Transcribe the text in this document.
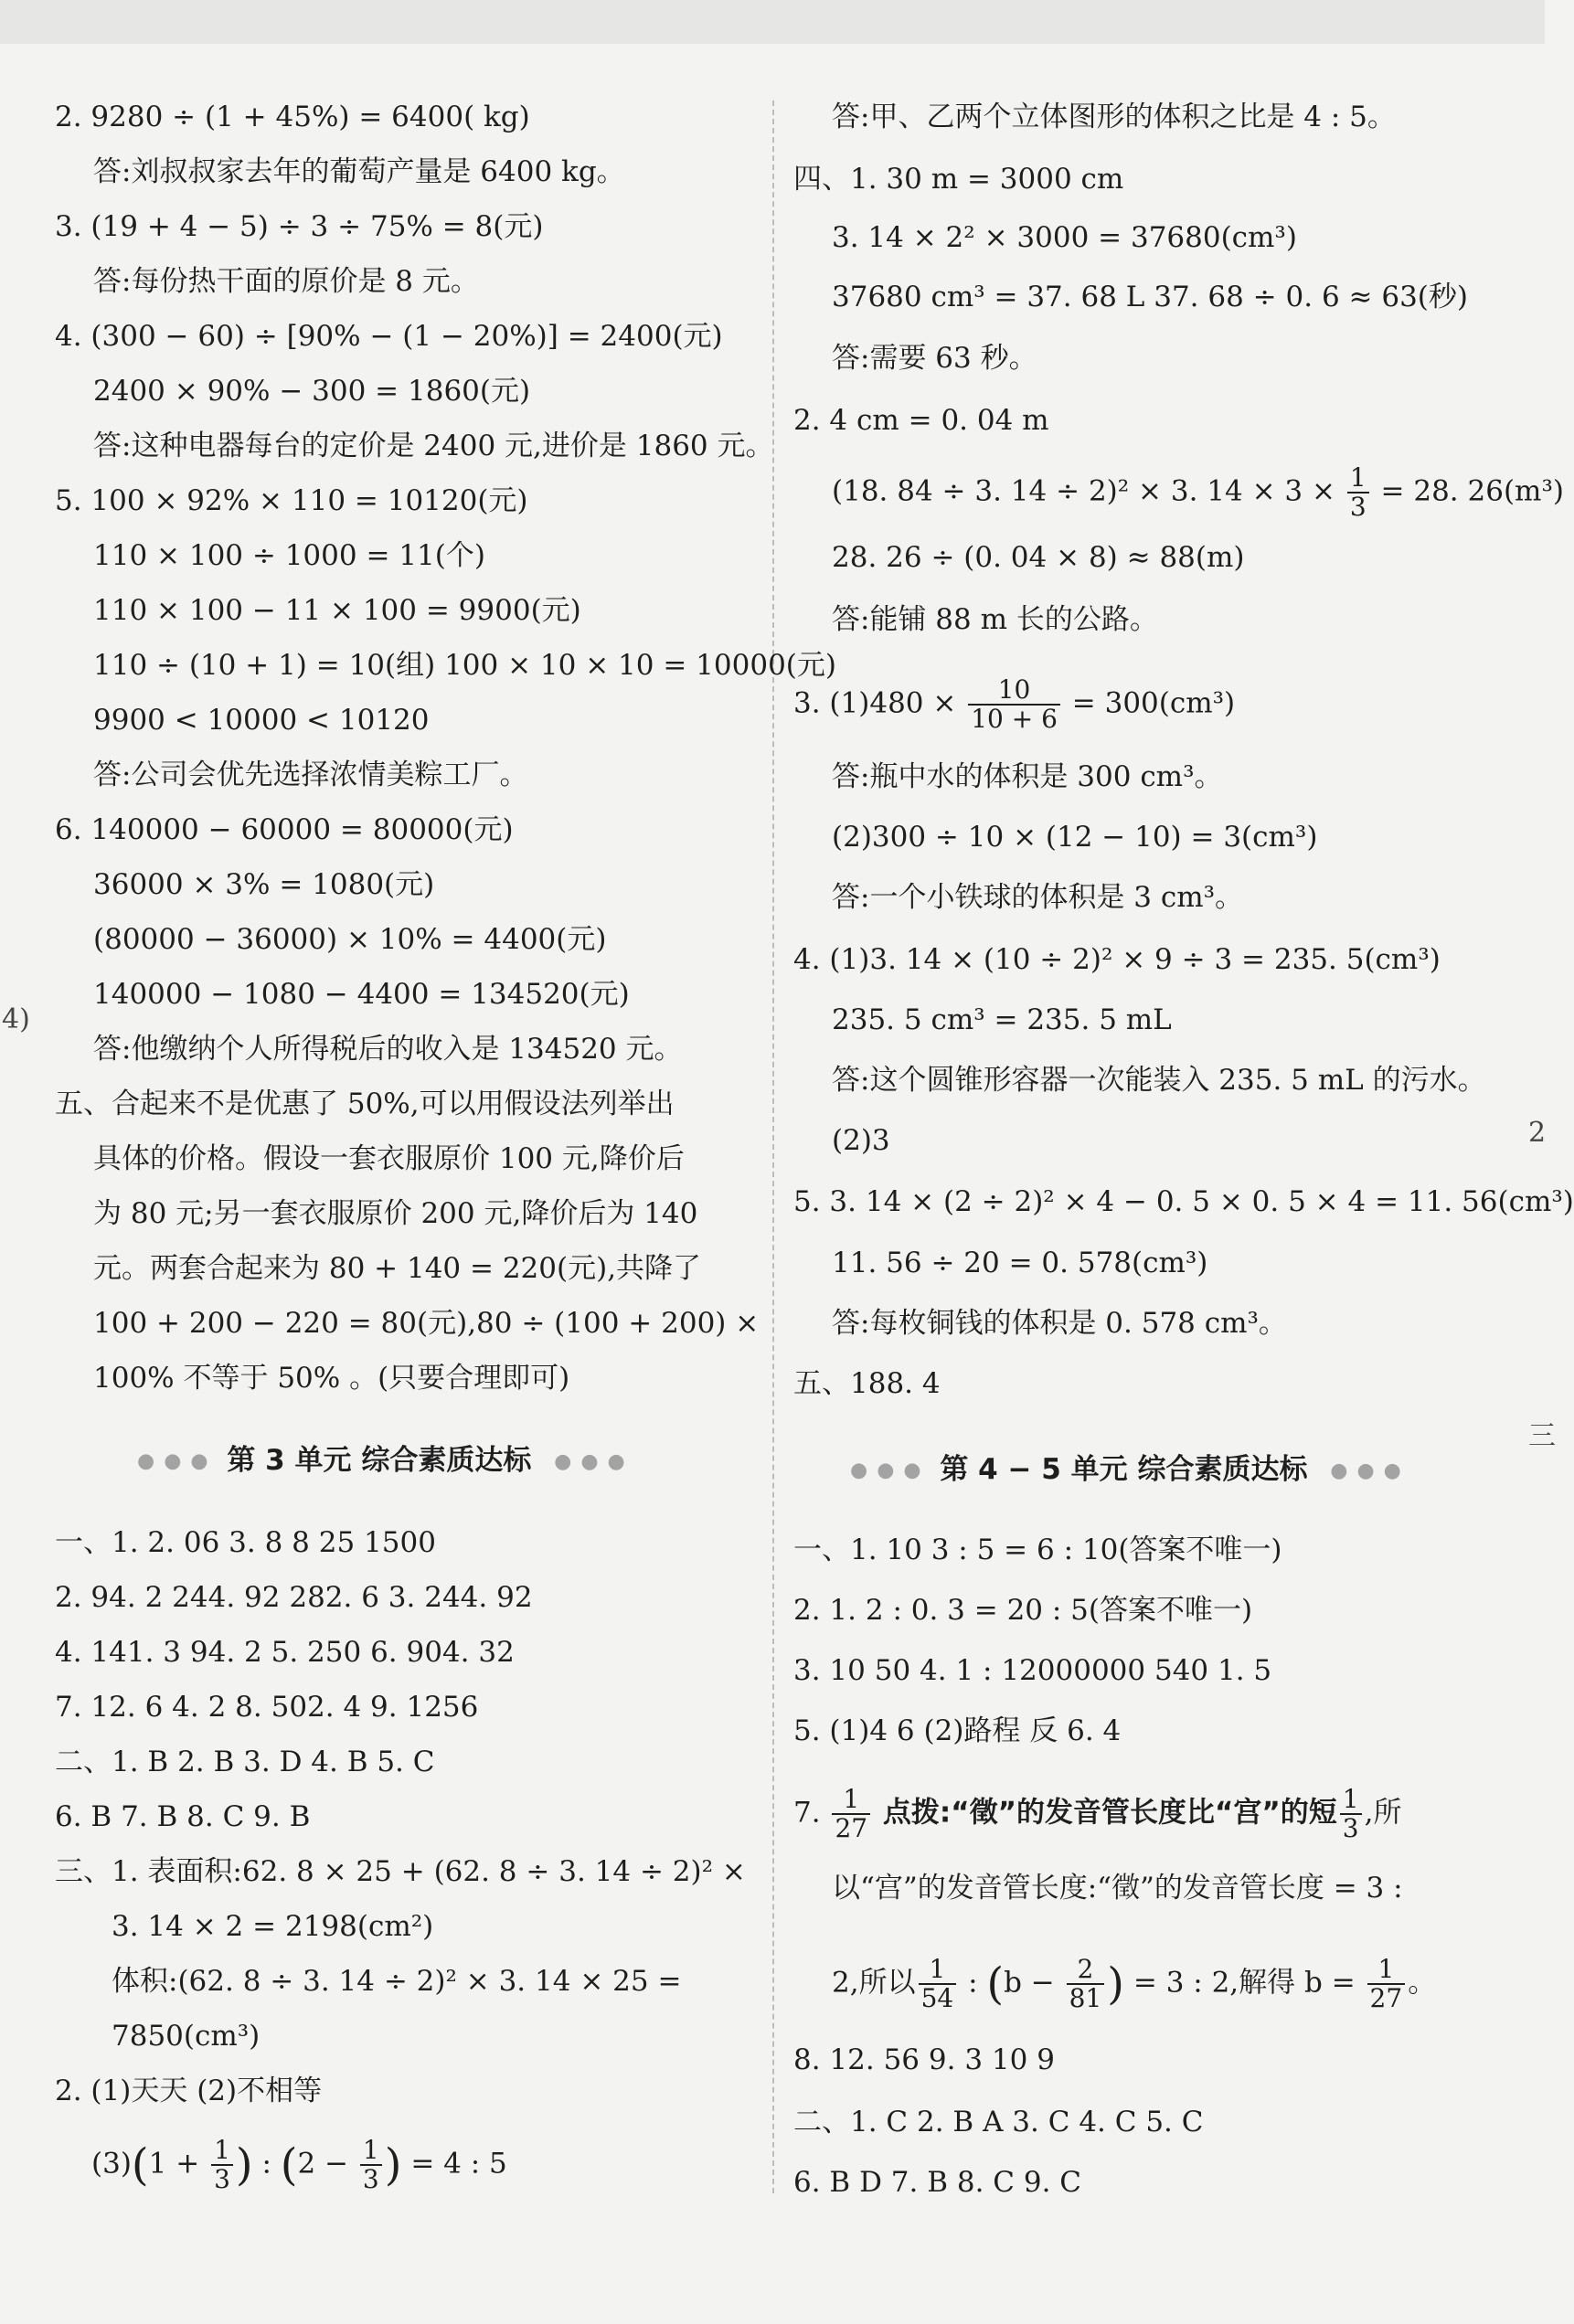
2. 9280 ÷ (1 + 45%) = 6400( kg)
答:刘叔叔家去年的葡萄产量是 6400 kg。
3. (19 + 4 − 5) ÷ 3 ÷ 75% = 8(元)
答:每份热干面的原价是 8 元。
4. (300 − 60) ÷ [90% − (1 − 20%)] = 2400(元)
2400 × 90% − 300 = 1860(元)
答:这种电器每台的定价是 2400 元,进价是 1860 元。
5. 100 × 92% × 110 = 10120(元)
110 × 100 ÷ 1000 = 11(个)
110 × 100 − 11 × 100 = 9900(元)
110 ÷ (10 + 1) = 10(组) 100 × 10 × 10 = 10000(元)
9900 < 10000 < 10120
答:公司会优先选择浓情美粽工厂。
6. 140000 − 60000 = 80000(元)
36000 × 3% = 1080(元)
(80000 − 36000) × 10% = 4400(元)
140000 − 1080 − 4400 = 134520(元)
答:他缴纳个人所得税后的收入是 134520 元。
五、合起来不是优惠了 50%,可以用假设法列举出
具体的价格。假设一套衣服原价 100 元,降价后
为 80 元;另一套衣服原价 200 元,降价后为 140
元。两套合起来为 80 + 140 = 220(元),共降了
100 + 200 − 220 = 80(元),80 ÷ (100 + 200) ×
100% 不等于 50% 。(只要合理即可)
●●● 第 3 单元 综合素质达标 ●●●
一、1. 2. 06 3. 8 8 25 1500
2. 94. 2 244. 92 282. 6 3. 244. 92
4. 141. 3 94. 2 5. 250 6. 904. 32
7. 12. 6 4. 2 8. 502. 4 9. 1256
二、1. B 2. B 3. D 4. B 5. C
6. B 7. B 8. C 9. B
三、1. 表面积:62. 8 × 25 + (62. 8 ÷ 3. 14 ÷ 2)² ×
3. 14 × 2 = 2198(cm²)
体积:(62. 8 ÷ 3. 14 ÷ 2)² × 3. 14 × 25 =
7850(cm³)
2. (1)天天 (2)不相等
$(3)(1 + \frac{1}{3}$ ) : ($2 - \frac{1}{3}$ ) = 4 : 5
答:甲、乙两个立体图形的体积之比是 4 : 5。
四、1. 30 m = 3000 cm
3. 14 × 2² × 3000 = 37680(cm³)
37680 cm³ = 37. 68 L 37. 68 ÷ 0. 6 ≈ 63(秒)
答:需要 63 秒。
2. 4 cm = 0. 04 m
(18. 84 ÷ 3. 14 ÷ 2)² × 3. $14 \times 3 \times \frac{1}{3} = 28$. 26(m³)
28. 26 ÷ (0. 04 × 8) ≈ 88(m)
答:能铺 88 m 长的公路。
3. $(1)480 \times \frac{10}{10 + 6} = 300(cm^3)$
答:瓶中水的体积是 300 cm³。
(2)300 ÷ 10 × (12 − 10) = 3(cm³)
答:一个小铁球的体积是 3 cm³。
4. (1)3. 14 × (10 ÷ 2)² × 9 ÷ 3 = 235. 5(cm³)
235. 5 cm³ = 235. 5 mL
答:这个圆锥形容器一次能装入 235. 5 mL 的污水。
(2)3
5. 3. 14 × (2 ÷ 2)² × 4 − 0. 5 × 0. 5 × 4 = 11. 56(cm³)
11. 56 ÷ 20 = 0. 578(cm³)
答:每枚铜钱的体积是 0. 578 cm³。
五、188. 4
●●● 第 4 − 5 单元 综合素质达标 ●●●
一、1. 10 3 : 5 = 6 : 10(答案不唯一)
2. 1. 2 : 0. 3 = 20 : 5(答案不唯一)
3. 10 50 4. 1 : 12000000 540 1. 5
5. (1)4 6 (2)路程 反 6. 4
7. $\frac{1}{27}$ 点拨:“徵”的发音管长度比“宫”的短 $\frac{1}{3}$ ,所
以“宫”的发音管长度:“徵”的发音管长度 = 3 :
2,所以 $\frac{1}{54}$ : ($b - \frac{2}{81}$ ) = 3 : 2,解得 $b = \frac{1}{27}$ 。
8. 12. 56 9. 3 10 9
二、1. C 2. B A 3. C 4. C 5. C
6. B D 7. B 8. C 9. C
4)
2
三
